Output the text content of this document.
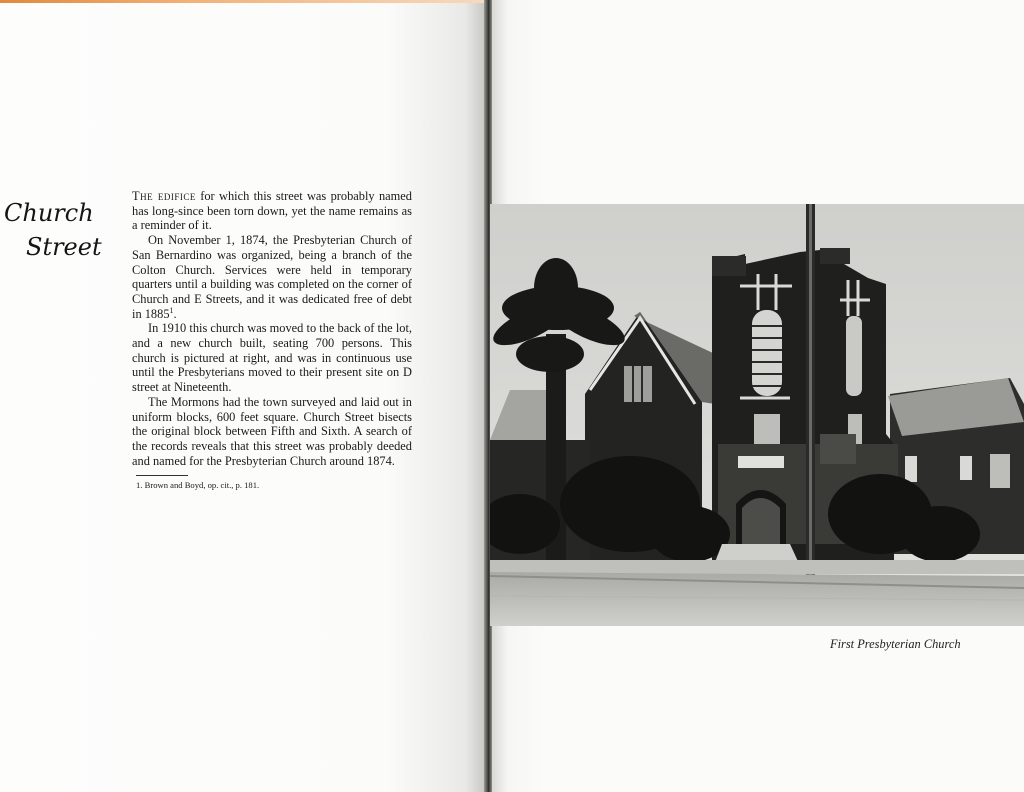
Church
Street

The edifice for which this street was probably named has long-since been torn down, yet the name remains as a reminder of it.

On November 1, 1874, the Presbyterian Church of San Bernardino was organized, being a branch of the Colton Church. Services were held in temporary quarters until a building was completed on the corner of Church and E Streets, and it was dedicated free of debt in 1885$^1$.

In 1910 this church was moved to the back of the lot, and a new church built, seating 700 persons. This church is pictured at right, and was in continuous use until the Presbyterians moved to their present site on D street at Nineteenth.

The Mormons had the town surveyed and laid out in uniform blocks, 600 feet square. Church Street bisects the original block between Fifth and Sixth. A search of the records reveals that this street was probably deeded and named for the Presbyterian Church around 1874.

1. Brown and Boyd, op. cit., p. 181.
First Presbyterian Church
